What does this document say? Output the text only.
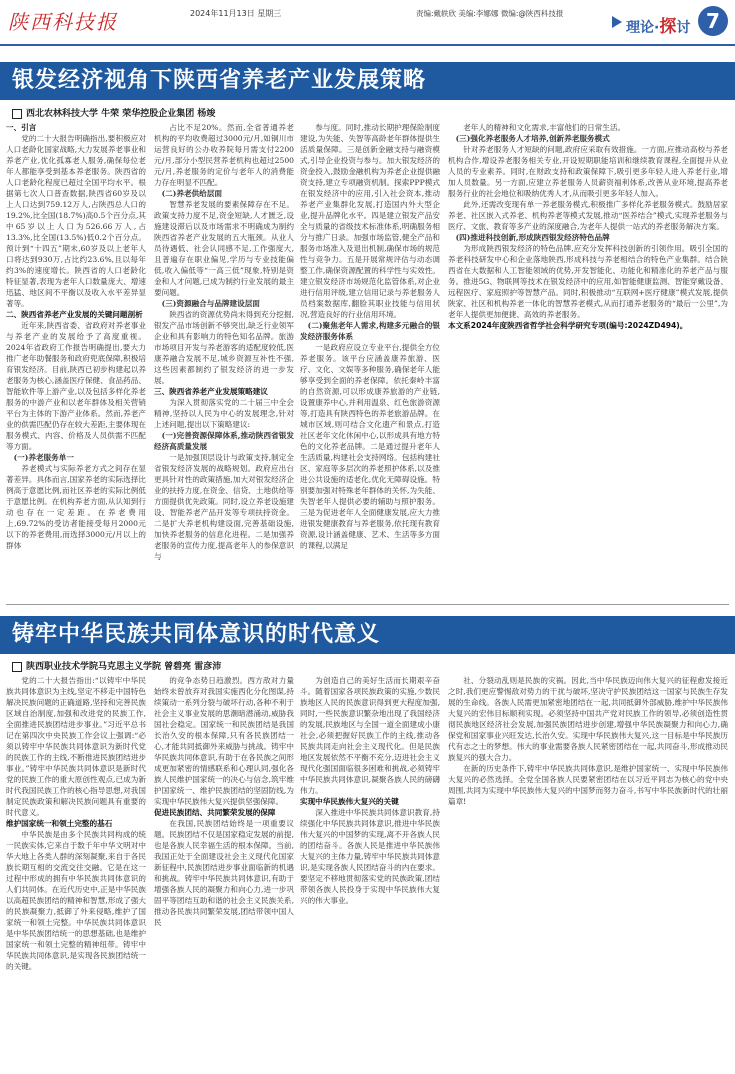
陕西科技报	2024年11月13日 星期三	责编:戴轶欣 美编:李娜娜 微编:@陕西科技报
理论·探讨 7
银发经济视角下陕西省养老产业发展策略
西北农林科技大学 牛荣 荣华控股企业集团 杨竣

一、引言

党的二十大报告明确指出,要积极应对人口老龄化国家战略,大力发展养老事业和养老产业,优化孤寡老人服务,确保每位老年人都能享受到基本养老服务。陕西省的人口老龄化程度已超过全国平均水平。根据第七次人口普查数据,陕西省60岁及以上人口达到759.12万人,占陕西总人口的19.2%,比全国(18.7%)高0.5个百分点,其中65岁以上人口为526.66万人,占13.3%,比全国(13.5%)低0.2个百分点。预计到“十四五”期末,60岁及以上老年人口将达到930万,占比约23.6%,且以每年约3%的速度增长。陕西省的人口老龄化特征显著,表现为老年人口数量庞大、增速迅猛、地区间不平衡以及收入水平差异显著等。

二、陕西省养老产业发展的关键问题剖析

近年来,陕西省委、省政府对养老事业与养老产业的发展给予了高度重视。2024年省政府工作报告明确提出,要大力推广老年助餐服务和政府兜底保障,积极培育银发经济。目前,陕西已初步构建起以养老服务为核心,涵盖医疗保健、食品药品、智能软件等上游产业,以及包括多样化养老服务的中游产业和以老年群体及相关营销平台为主体的下游产业体系。然而,养老产业的供需匹配仍存在较大差距,主要体现在服务模式、内容、价格及人员供需不匹配等方面。

(一)养老服务单一

养老模式与实际养老方式之间存在显著差异。具体而言,国家养老的实际选择比例高于意愿比例,而社区养老的实际比例低于意愿比例。在机构养老方面,从认知到行动也存在一定差距。在养老费用上,69.72%的受访者能接受每月2000元以下的养老费用,而选择3000元/月以上的群体

占比不足20%。然而,全省普通养老机构的平均收费超过3000元/月,如铜川市运营良好的公办收养院每月需支付2200元/月,部分小型民营养老机构也超过2500元/月,养老服务的定价与老年人的消费能力存在明显不匹配。

(二)养老供给层面

智慧养老发展的要素保障存在不足。政策支持力度不足,资金短缺,人才匮乏,设施建设滞后以及市场需求不明确成为制约陕西省养老产业发展的五大瓶颈。从业人员待遇低、社会认同感不足,工作强度大,且普遍存在职业偏见,学历与专业技能偏低,收入偏低等“一高三低”现象,特别是资金和人才问题,已成为制约行业发展的最主要问题。

(三)资源融合与品牌建设层面

陕西省的资源优势尚未得到充分挖掘,银发产品市场创新不够突出,缺乏行业领军企业和具有影响力的特色知名品牌。旅游市场项目开发与养老游客的适配度较低,医康养融合发展不足,城乡资源互补性不强,这些因素都制约了银发经济的进一步发展。

三、陕西省养老产业发展策略建议

为深入贯彻落实党的二十届三中全会精神,坚持以人民为中心的发展理念,针对上述问题,提出以下策略建议:

(一)完善资源保障体系,推动陕西省银发经济高质量发展

一是加强顶层设计与政策支持,制定全省银发经济发展的战略规划。政府应出台更具针对性的政策措施,加大对银发经济企业的扶持力度,在资金、信贷、土地供给等方面提供优先政策。同时,设立养老设施建设、智能养老产品开发等专项扶持资金。二是扩大养老机构建设面,完善基础设施,加快养老服务的信息化进程。二是加强养老服务的宣传力度,提高老年人的参保意识与

参与度。同时,推动长期护理保险制度建设,为失能、失智等高龄老年群体提供生活质量保障。三是创新金融支持与融资模式,引导企业投资与参与。加大银发经济的资金投入,鼓励金融机构为养老企业提供融资支持,建立专项融资机制。探索PPP模式在银发经济中的应用,引入社会资本,推动养老产业集群化发展,打造国内外大型企业,提升品牌化水平。四是建立银发产品安全与质量的省级技术标准体系,明确服务相分与推广日录。加强市场监管,健全产品和服务市场准入及退出机制,确保市场的规范性与竞争力。五是开展常规评估与动态调整工作,确保资源配置的科学性与实效性。建立银发经济市场规范化监管体系,对企业进行信用评级,建立信用记录与养老服务人员档案数据库,翻脸其职业技能与信用状况,营造良好的行业信用环境。

(二)聚焦老年人需求,构建多元融合的银发经济服务体系

一是政府应设立专业平台,提供全方位养老服务。该平台应涵盖康养旅游、医疗、文化、文娱等多种服务,确保老年人能够享受到全面的养老保障。依托秦岭丰富的自然资源,可以形成康养旅游的产业链,设置康养中心,并利用温泉、红色旅游资源等,打造具有陕西特色的养老旅游品牌。在城市区域,则可结合文化遗产和景点,打造社区老年文化休闲中心,以形成具有地方特色的文化养老品牌。二是通过提升老年人生活质量,构建社会支持网络。包括构建社区、家庭等多层次的养老照护体系,以及推进公共设施的适老化,优化无障碍设施。特别要加强对特殊老年群体的关怀,为失能、失智老年人提供必要的辅助与照护服务。三是为促进老年人全面健康发展,应大力推进银发健康教育与养老服务,依托现有教育资源,设计涵盖健康、艺术、生活等多方面的课程,以满足

老年人的精神和文化需求,丰富他们的日常生活。

(三)强化养老服务人才培养,创新养老服务模式

针对养老服务人才短缺的问题,政府应采取有效措施。一方面,应推动高校与养老机构合作,增设养老服务相关专业,开设短期职能培训和继续教育课程,全面提升从业人员的专业素养。同时,在财政支持和政策保障下,吸引更多年轻人进入养老行业,增加人员数量。另一方面,应建立养老服务人员薪资福利体系,改善从业环境,提高养老服务行业的社会地位和吸纳优秀人才,从而吸引更多年轻人加入。

此外,还需改变现有单一养老服务模式,积极推广多样化养老服务模式。鼓励居家养老、社区嵌入式养老、机构养老等模式发展,推动“医养结合”模式,实现养老服务与医疗、文旅、教育等多产业的深度融合,为老年人提供一站式的养老服务解决方案。

(四)推进科技创新,形成陕西银发经济特色品牌

为形成陕西银发经济的特色品牌,应充分发挥科技创新的引领作用。吸引全国的养老科技研发中心和企业落地陕西,形成科技与养老相结合的特色产业集群。结合陕西省在大数据和人工智能领域的优势,开发智能化、功能化和精准化的养老产品与服务。推进5G、物联网等技术在银发经济中的应用,如智能健康监测、智能穿戴设备、远程医疗、家庭照护等智慧产品。同时,积极推动“互联网+医疗健康”模式发展,提供陕家、社区和机构养老一体化的智慧养老模式,从而打通养老服务的“最后一公里”,为老年人提供更加便捷、高效的养老服务。

本文系2024年度陕西省哲学社会科学研究专项(编号:2024ZD494)。

铸牢中华民族共同体意识的时代意义
陕西职业技术学院马克思主义学院 曾碧亮 雷彦沛

党的二十大报告指出:“以铸牢中华民族共同体意识为主线,坚定不移走中国特色解决民族问题的正确道路,坚持和完善民族区域自治制度,加强和改进党的民族工作,全面推进民族团结进步事业。”习近平总书记在第四次中央民族工作会议上强调:“必须以铸牢中华民族共同体意识为新时代党的民族工作的主线,不断推进民族团结进步事业。”铸牢中华民族共同体意识是新时代党的民族工作的重大原创性观点,已成为新时代我国民族工作的核心指导思想,对我国制定民族政策和解决民族问题具有重要的时代意义。

维护国家统一和领土完整的基石

中华民族是由多个民族共同构成的统一民族实体,它来自于数千年中华文明对中华大地上各类人群的深刻凝聚,来自于各民族长期互相的交流交往交融。它是在这一过程中形成的拥有中华民族共同体意识的人们共同体。在近代历史中,正是中华民族以高超民族团结的精神和智慧,形成了强大的民族凝聚力,抵御了外来侵略,维护了国家统一和领土完整。中华民族共同体意识是中华民族团结统一的思想基础,也是维护国家统一和领土完整的精神纽带。铸牢中华民族共同体意识,是实现各民族团结统一的关键。

的竞争态势日趋激烈。西方敌对力量始终未曾放弃对我国实施西化分化图谋,持续策动一系列分裂与破坏行动,各种不利于社会主义事业发展的思潮暗潜涌动,威胁我国社会稳定。国家统一和民族团结是我国长治久安的根本保障,只有各民族团结一心,才能共同抵御外来威胁与挑战。铸牢中华民族共同体意识,有助于在各民族之间形成更加紧密的情感联系和心理认同,强化各族人民维护国家统一的决心与信念,筑牢维护国家统一、维护民族团结的坚固防线,为实现中华民族伟大复兴提供坚强保障。

促进民族团结、共同繁荣发展的保障

在我国,民族团结始终是一项重要议题。民族团结不仅是国家稳定发展的前提,也是各族人民幸福生活的根本保障。当前,我国正处于全面建设社会主义现代化国家新征程中,民族团结进步事业面临新的机遇和挑战。铸牢中华民族共同体意识,有助于增强各族人民的凝聚力和向心力,进一步巩固平等团结互助和谐的社会主义民族关系,推动各民族共同繁荣发展,团结带领中国人民

为创造自己的美好生活而长期艰辛奋斗。随着国家各项民族政策的实施,少数民族地区人民的民族意识得到更大程度加强,同时,一些民族意识繁杂地出现了我国经济的发展,民族地区与全国一道全面建成小康社会,必须把握好民族工作的主线,推动各民族共同走向社会主义现代化。但是民族地区发展依然不平衡不充分,迈进社会主义现代化强国面临很多困难和挑战,必须铸牢中华民族共同体意识,凝聚各族人民的磅礴伟力。

实现中华民族伟大复兴的关键

深入推进中华民族共同体意识教育,持续强化中华民族共同体意识,推进中华民族伟大复兴的中国梦的实现,离不开各族人民的团结奋斗。各族人民是推进中华民族伟大复兴的主体力量,铸牢中华民族共同体意识,是实现各族人民团结奋斗的内在要求。要坚定不移地贯彻落实党的民族政策,团结带领各族人民投身于实现中华民族伟大复兴的伟大事业。

社、分裂动乱则是民族的灾祸。因此,当中华民族迈向伟大复兴的征程愈发接近之时,我们更应警惕敌对势力的干扰与破坏,坚决守护民族团结这一国家与民族生存发展的生命线。各族人民需更加紧密地团结在一起,共同抵御外部威胁,维护中华民族伟大复兴的宏伟目标顺利实现。必须坚持中国共产党对民族工作的领导,必须创造性贯彻民族地区经济社会发展,加强民族团结进步创建,增强中华民族凝聚力和向心力,确保党和国家事业兴旺发达,长治久安。实现中华民族伟大复兴,这一目标是中华民族历代有志之士的梦想。伟大的事业需要各族人民紧密团结在一起,共同奋斗,形成推动民族复兴的强大合力。

在新的历史条件下,铸牢中华民族共同体意识,是维护国家统一、实现中华民族伟大复兴的必然选择。全党全国各族人民要紧密团结在以习近平同志为核心的党中央周围,共同为实现中华民族伟大复兴的中国梦而努力奋斗,书写中华民族新时代的壮丽篇章!
